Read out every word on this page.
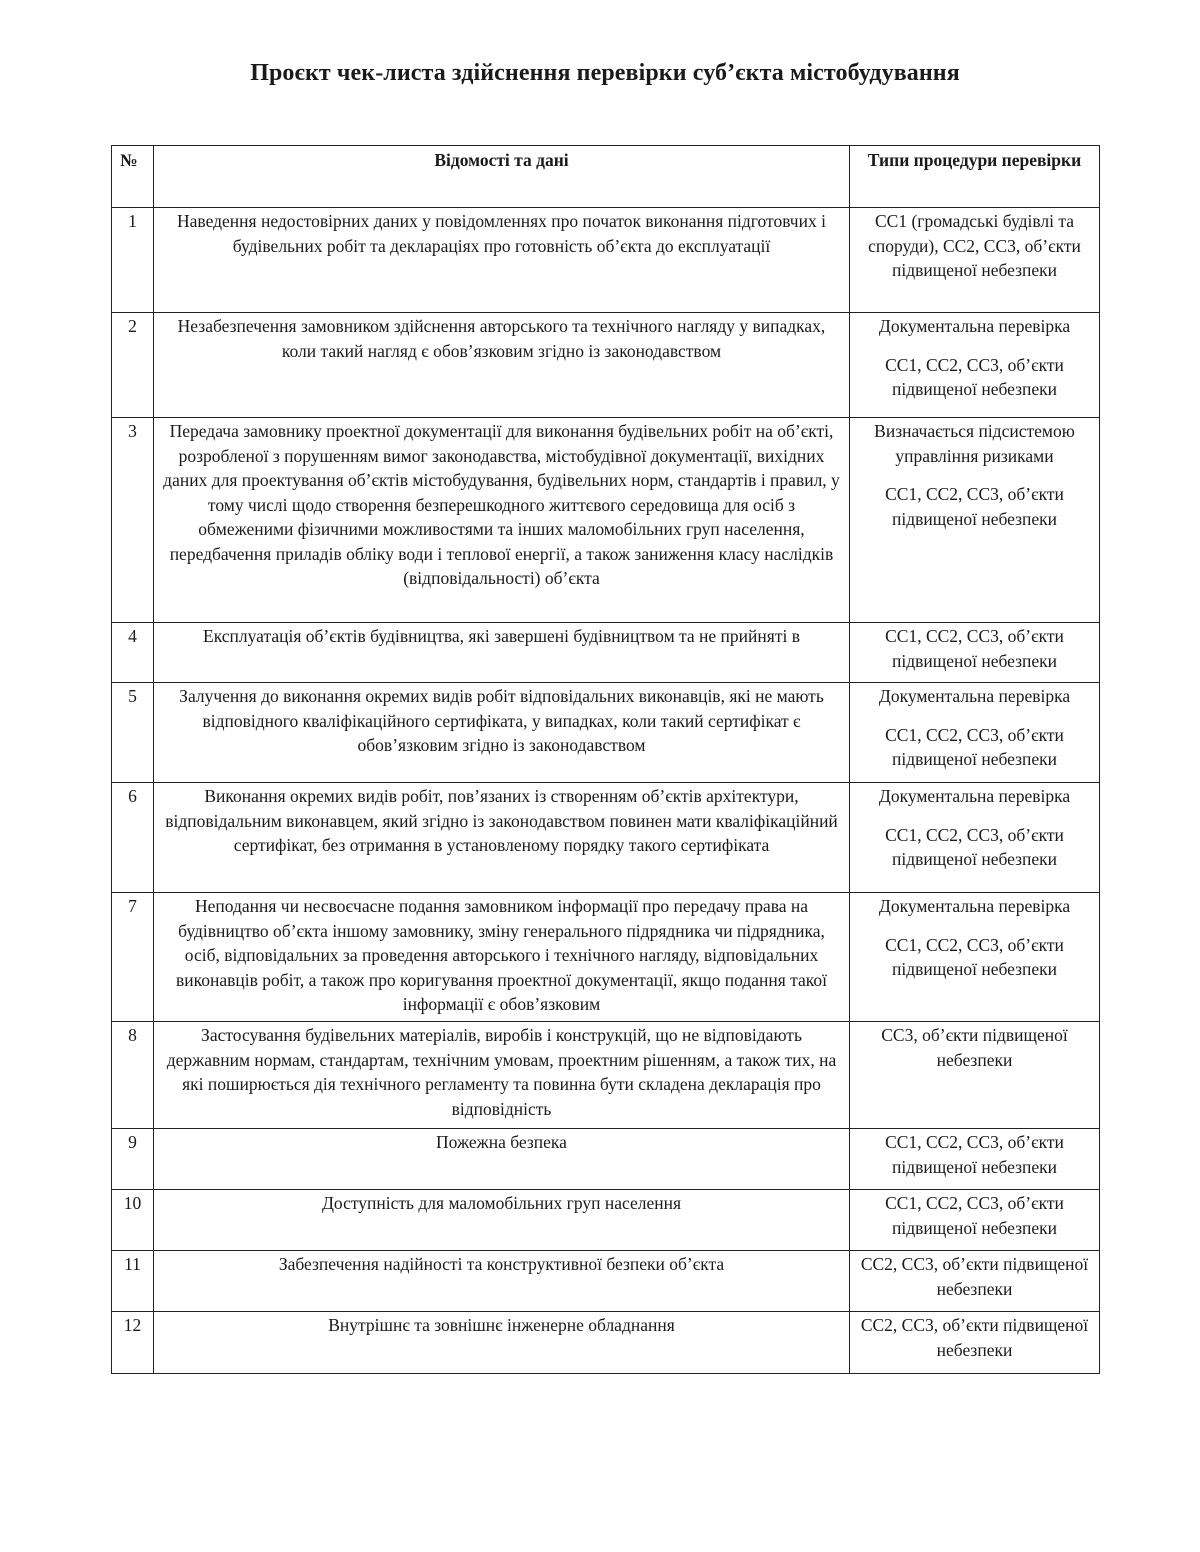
Проєкт чек-листа здійснення перевірки суб’єкта містобудування
№	Відомості та дані	Типи процедури перевірки
1	Наведення недостовірних даних у повідомленнях про початок виконання підготовчих і будівельних робіт та деклараціях про готовність об’єкта до експлуатації	СС1 (громадські будівлі та споруди), СС2, СС3, об’єкти підвищеної небезпеки

2	Незабезпечення замовником здійснення авторського та технічного нагляду у випадках, коли такий нагляд є обов’язковим згідно із законодавством	Документальна перевірка
СС1, СС2, СС3, об’єкти підвищеної небезпеки

3	Передача замовнику проектної документації для виконання будівельних робіт на об’єкті, розробленої з порушенням вимог законодавства, містобудівної документації, вихідних даних для проектування об’єктів містобудування, будівельних норм, стандартів і правил, у тому числі щодо створення безперешкодного життєвого середовища для осіб з обмеженими фізичними можливостями та інших маломобільних груп населення, передбачення приладів обліку води і теплової енергії, а також заниження класу наслідків (відповідальності) об’єкта	Визначається підсистемою управління ризиками
СС1, СС2, СС3, об’єкти підвищеної небезпеки

4	Експлуатація об’єктів будівництва, які завершені будівництвом та не прийняті в	СС1, СС2, СС3, об’єкти підвищеної небезпеки

5	Залучення до виконання окремих видів робіт відповідальних виконавців, які не мають відповідного кваліфікаційного сертифіката, у випадках, коли такий сертифікат є обов’язковим згідно із законодавством	Документальна перевірка
СС1, СС2, СС3, об’єкти підвищеної небезпеки

6	Виконання окремих видів робіт, пов’язаних із створенням об’єктів архітектури, відповідальним виконавцем, який згідно із законодавством повинен мати кваліфікаційний сертифікат, без отримання в установленому порядку такого сертифіката	Документальна перевірка
СС1, СС2, СС3, об’єкти підвищеної небезпеки

7	Неподання чи несвоєчасне подання замовником інформації про передачу права на будівництво об’єкта іншому замовнику, зміну генерального підрядника чи підрядника, осіб, відповідальних за проведення авторського і технічного нагляду, відповідальних виконавців робіт, а також про коригування проектної документації, якщо подання такої інформації є обов’язковим	Документальна перевірка
СС1, СС2, СС3, об’єкти підвищеної небезпеки

8	Застосування будівельних матеріалів, виробів і конструкцій, що не відповідають державним нормам, стандартам, технічним умовам, проектним рішенням, а також тих, на які поширюється дія технічного регламенту та повинна бути складена декларація про відповідність	СС3, об’єкти підвищеної небезпеки

9	Пожежна безпека	СС1, СС2, СС3, об’єкти підвищеної небезпеки

10	Доступність для маломобільних груп населення	СС1, СС2, СС3, об’єкти підвищеної небезпеки

11	Забезпечення надійності та конструктивної безпеки об’єкта	СС2, СС3, об’єкти підвищеної небезпеки

12	Внутрішнє та зовнішнє інженерне обладнання	СС2, СС3, об’єкти підвищеної небезпеки
